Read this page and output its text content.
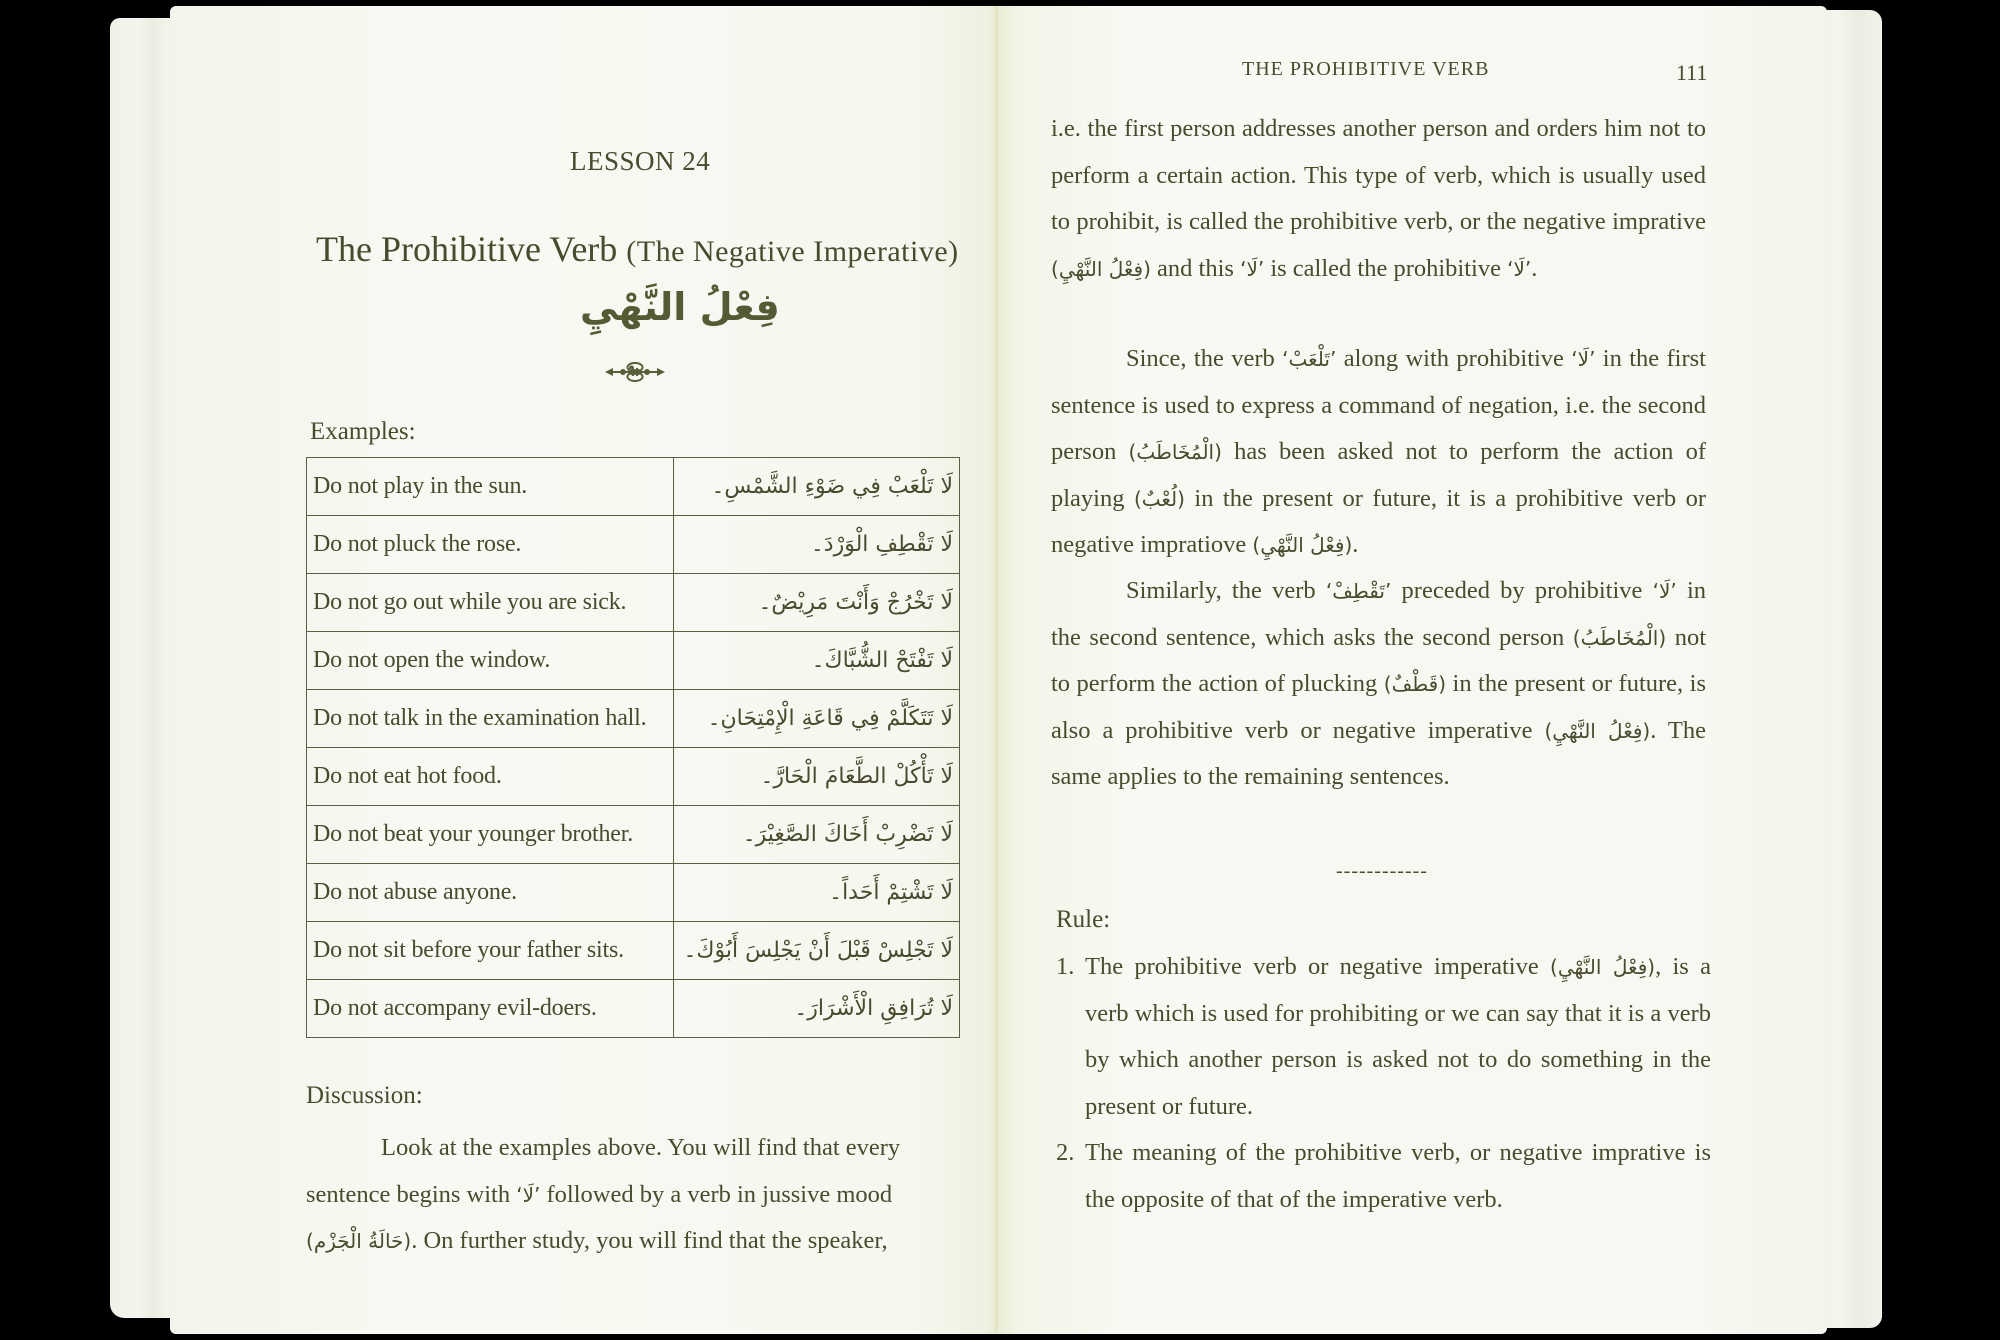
LESSON 24
The Prohibitive Verb (The Negative Imperative)
فِعْلُ النَّهْيِ
Examples:
Do not play in the sun.	لَا تَلْعَبْ فِي ضَوْءِ الشَّمْسِ۔
Do not pluck the rose.	لَا تَقْطِفِ الْوَرْدَ۔
Do not go out while you are sick.	لَا تَخْرُجْ وَأَنْتَ مَرِيْضٌ۔
Do not open the window.	لَا تَفْتَحْ الشُّبَّاكَ۔
Do not talk in the examination hall.	لَا تَتَكَلَّمْ فِي قَاعَةِ الْإِمْتِحَانِ۔
Do not eat hot food.	لَا تَأْكُلْ الطَّعَامَ الْحَارَّ۔
Do not beat your younger brother.	لَا تَضْرِبْ أَخَاكَ الصَّغِيْرَ۔
Do not abuse anyone.	لَا تَشْتِمْ أَحَداً۔
Do not sit before your father sits.	لَا تَجْلِسْ قَبْلَ أَنْ يَجْلِسَ أَبُوْكَ۔
Do not accompany evil-doers.	لَا تُرَافِقِ الْأَشْرَارَ۔
Discussion:
Look at the examples above. You will find that every
sentence begins with ‘لَا’ followed by a verb in jussive mood
(حَالَةُ الْجَزْم). On further study, you will find that the speaker,
THE PROHIBITIVE VERB	111

i.e. the first person addresses another person and orders him not to perform a certain action. This type of verb, which is usually used to prohibit, is called the prohibitive verb, or the negative imprative (فِعْلُ النَّهْيِ) and this ‘لَا’ is called the prohibitive ‘لَا’.

Since, the verb ‘تَلْعَبْ’ along with prohibitive ‘لَا’ in the first sentence is used to express a command of negation, i.e. the second person (الْمُخَاطَبُ) has been asked not to perform the action of playing (لُعْبٌ) in the present or future, it is a prohibitive verb or negative impratiove (فِعْلُ النَّهْيِ).

Similarly, the verb ‘تَقْطِفْ’ preceded by prohibitive ‘لَا’ in the second sentence, which asks the second person (الْمُخَاطَبُ) not to perform the action of plucking (قَطْفٌ) in the present or future, is also a prohibitive verb or negative imperative (فِعْلُ النَّهْيِ). The same applies to the remaining sentences.

------------
Rule:
1. The prohibitive verb or negative imperative (فِعْلُ النَّهْيِ), is a verb which is used for prohibiting or we can say that it is a verb by which another person is asked not to do something in the present or future.
2. The meaning of the prohibitive verb, or negative imprative is the opposite of that of the imperative verb.
